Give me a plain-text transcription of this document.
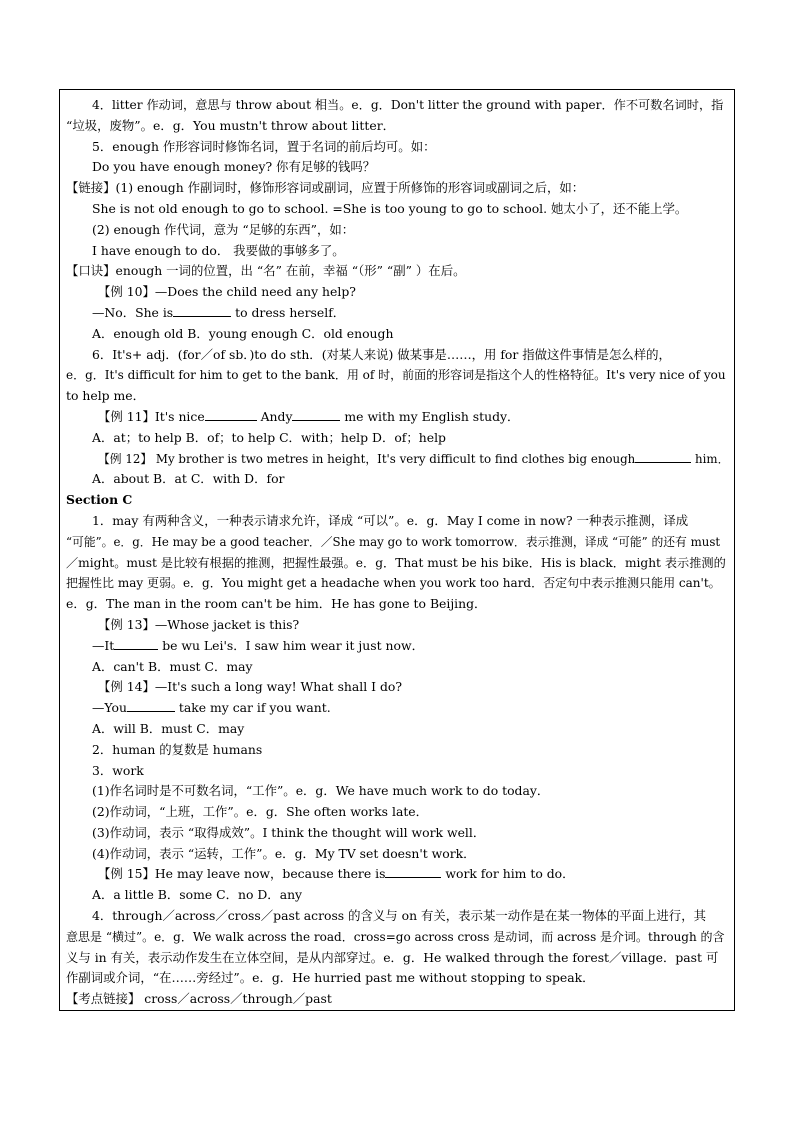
4．litter 作动词，意思与 throw about 相当。e．g．Don't litter the ground with paper．作不可数名词时，指
“垃圾，废物”。e．g．You mustn't throw about litter．
5．enough 作形容词时修饰名词，置于名词的前后均可。如：
Do you have enough money? 你有足够的钱吗？
【链接】(1) enough 作副词时，修饰形容词或副词，应置于所修饰的形容词或副词之后，如：
She is not old enough to go to school. =She is too young to go to school. 她太小了，还不能上学。
(2) enough 作代词，意为 “足够的东西”，如：
I have enough to do． 我要做的事够多了。
【口诀】enough 一词的位置，出 “名” 在前，幸福 “（形” “副” ）在后。
【例 10】—Does the child need any help?
—No．She is	to dress herself．
A．enough old B．young enough C．old enough
6．It's+ adj．(for／of sb．)to do sth．(对某人来说) 做某事是……，用 for 指做这件事情是怎么样的，
e．g．It's difficult for him to get to the bank．用 of 时，前面的形容词是指这个人的性格特征。It's very nice of you
to help me．
【例 11】It's nice	Andy	me with my English study．
A．at；to help B．of；to help C．with；help D．of；help
【例 12】 My brother is two metres in height，It's very difficult to find clothes big enough	him．
A．about B．at C．with D．for
Section C
1．may 有两种含义，一种表示请求允许，译成 “可以”。e．g．May I come in now? 一种表示推测，译成
“可能”。e．g．He may be a good teacher．／She may go to work tomorrow．表示推测，译成 “可能” 的还有 must
／might。must 是比较有根据的推测，把握性最强。e．g．That must be his bike．His is black．might 表示推测的
把握性比 may 更弱。e．g．You might get a headache when you work too hard．否定句中表示推测只能用 can't。
e．g．The man in the room can't be him．He has gone to Beijing．
【例 13】—Whose jacket is this?
—It	be wu Lei's．I saw him wear it just now．
A．can't B．must C．may
【例 14】—It's such a long way! What shall I do?
—You	take my car if you want.
A．will B．must C．may
2．human 的复数是 humans
3．work
(1)作名词时是不可数名词，“工作”。e．g．We have much work to do today．
(2)作动词，“上班，工作”。e．g．She often works late．
(3)作动词，表示 “取得成效”。I think the thought will work well．
(4)作动词，表示 “运转，工作”。e．g．My TV set doesn't work．
【例 15】He may leave now，because there is	work for him to do．
A．a little B．some C．no D．any
4．through／across／cross／past across 的含义与 on 有关，表示某一动作是在某一物体的平面上进行，其
意思是 “横过”。e．g．We walk across the road．cross=go across cross 是动词，而 across 是介词。through 的含
义与 in 有关，表示动作发生在立体空间，是从内部穿过。e．g．He walked through the forest／village．past 可
作副词或介词，“在……旁经过”。e．g．He hurried past me without stopping to speak．
【考点链接】 cross／across／through／past
